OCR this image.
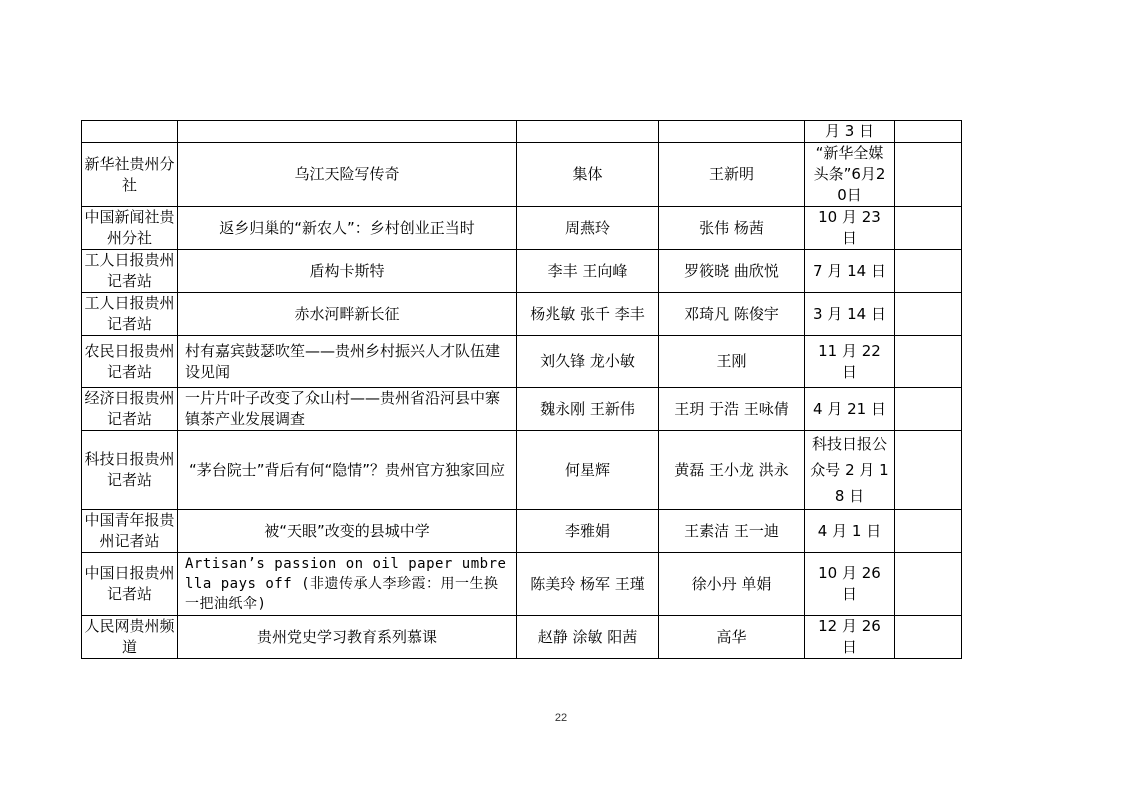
				月 3 日	
新华社贵州分社	乌江天险写传奇	集体	王新明	“新华全媒头条”6月20日	
中国新闻社贵州分社	返乡归巢的“新农人”：乡村创业正当时	周燕玲	张伟 杨茜	10 月 23 日	
工人日报贵州记者站	盾构卡斯特	李丰 王向峰	罗筱晓 曲欣悦	7 月 14 日	
工人日报贵州记者站	赤水河畔新长征	杨兆敏 张千 李丰	邓琦凡 陈俊宇	3 月 14 日	
农民日报贵州记者站	村有嘉宾鼓瑟吹笙——贵州乡村振兴人才队伍建设见闻	刘久锋 龙小敏	王刚	11 月 22 日	
经济日报贵州记者站	一片片叶子改变了众山村——贵州省沿河县中寨镇茶产业发展调查	魏永刚 王新伟	王玥 于浩 王咏倩	4 月 21 日	
科技日报贵州记者站	“茅台院士”背后有何“隐情”？贵州官方独家回应	何星辉	黄磊 王小龙 洪永	科技日报公众号 2 月 18 日	
中国青年报贵州记者站	被“天眼”改变的县城中学	李雅娟	王素洁 王一迪	4 月 1 日	
中国日报贵州记者站	Artisan’s passion on oil paper umbrella pays off (非遗传承人李珍霞：用一生换一把油纸伞)	陈美玲 杨军 王瑾	徐小丹 单娟	10 月 26 日	
人民网贵州频道	贵州党史学习教育系列慕课	赵静 涂敏 阳茜	高华	12 月 26 日	
22
